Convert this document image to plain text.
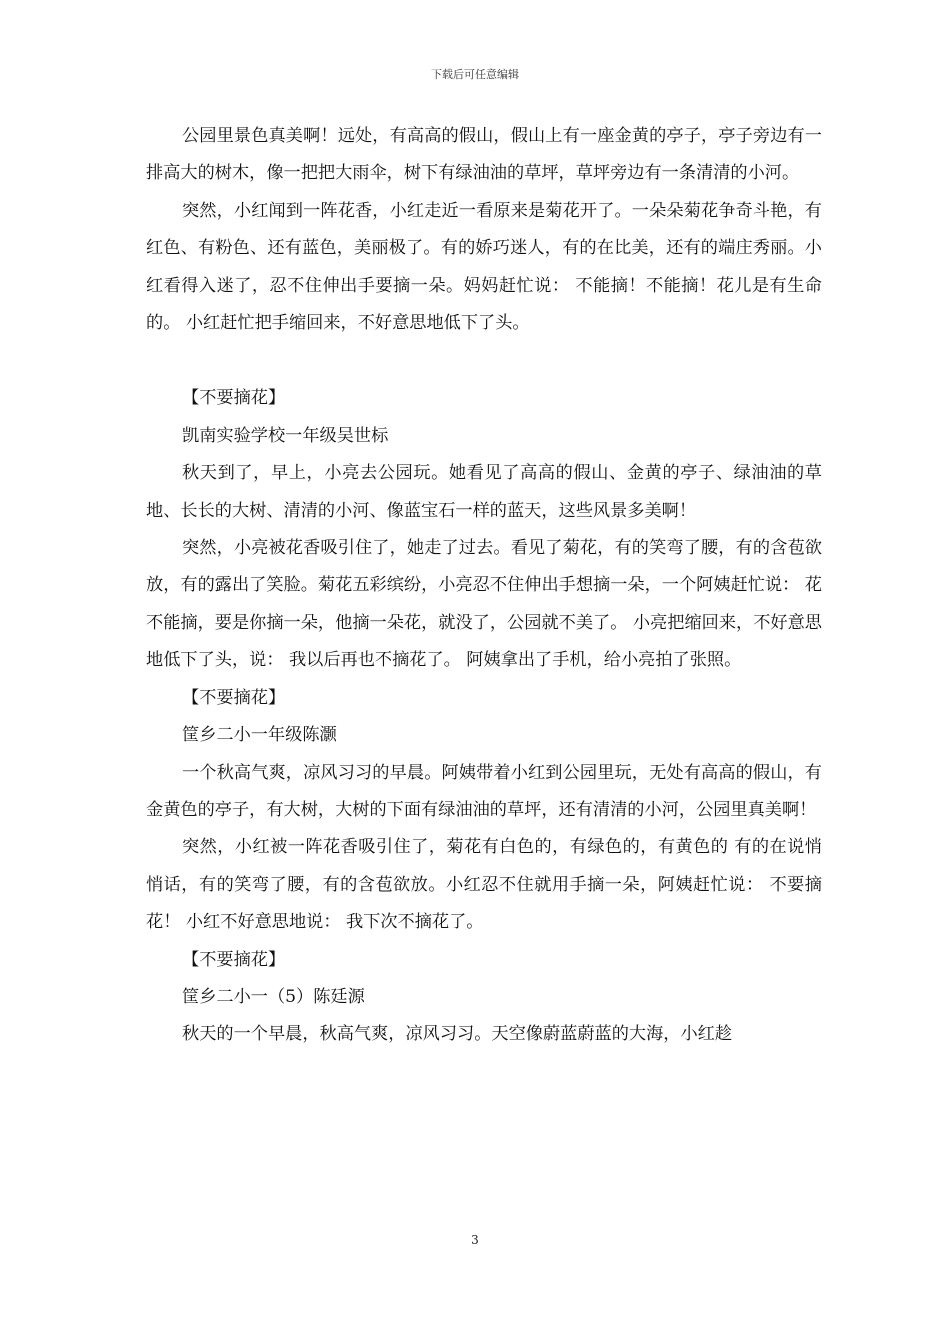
下载后可任意编辑

公园里景色真美啊！远处，有高高的假山，假山上有一座金黄的亭子，亭子旁边有一排高大的树木，像一把把大雨伞，树下有绿油油的草坪，草坪旁边有一条清清的小河。

突然，小红闻到一阵花香，小红走近一看原来是菊花开了。一朵朵菊花争奇斗艳，有红色、有粉色、还有蓝色，美丽极了。有的娇巧迷人，有的在比美，还有的端庄秀丽。小红看得入迷了，忍不住伸出手要摘一朵。妈妈赶忙说： 不能摘！不能摘！花儿是有生命的。 小红赶忙把手缩回来，不好意思地低下了头。

【不要摘花】

凯南实验学校一年级吴世标

秋天到了，早上，小亮去公园玩。她看见了高高的假山、金黄的亭子、绿油油的草地、长长的大树、清清的小河、像蓝宝石一样的蓝天，这些风景多美啊！

突然，小亮被花香吸引住了，她走了过去。看见了菊花，有的笑弯了腰，有的含苞欲放，有的露出了笑脸。菊花五彩缤纷，小亮忍不住伸出手想摘一朵，一个阿姨赶忙说： 花不能摘，要是你摘一朵，他摘一朵花，就没了，公园就不美了。 小亮把缩回来，不好意思地低下了头，说： 我以后再也不摘花了。 阿姨拿出了手机，给小亮拍了张照。

【不要摘花】

筐乡二小一年级陈灏

一个秋高气爽，凉风习习的早晨。阿姨带着小红到公园里玩，无处有高高的假山，有金黄色的亭子，有大树，大树的下面有绿油油的草坪，还有清清的小河，公园里真美啊！

突然，小红被一阵花香吸引住了，菊花有白色的，有绿色的，有黄色的 有的在说悄悄话，有的笑弯了腰，有的含苞欲放。小红忍不住就用手摘一朵，阿姨赶忙说： 不要摘花！ 小红不好意思地说： 我下次不摘花了。

【不要摘花】

筐乡二小一（5）陈廷源

秋天的一个早晨，秋高气爽，凉风习习。天空像蔚蓝蔚蓝的大海，小红趁

3
